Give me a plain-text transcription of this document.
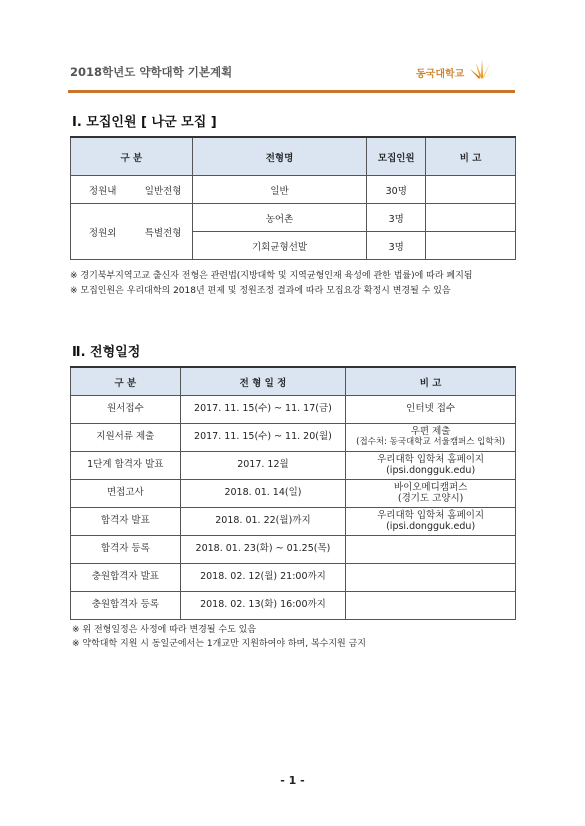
2018학년도 약학대학 기본계획	동국대학교
Ⅰ. 모집인원 [ 나군 모집 ]
구 분		전형명	모집인원	비 고
정원내	일반전형	일반	30명	
정원외	특별전형	농어촌	3명	
		기회균형선발	3명	
※ 경기북부지역고교 출신자 전형은 관련법(지방대학 및 지역균형인재 육성에 관한 법률)에 따라 폐지됨
※ 모집인원은 우리대학의 2018년 편제 및 정원조정 결과에 따라 모집요강 확정시 변경될 수 있음
Ⅱ. 전형일정
구 분	전 형 일 정	비 고
원서접수	2017. 11. 15(수) ~ 11. 17(금)	인터넷 접수

지원서류 제출	2017. 11. 15(수) ~ 11. 20(월)	우편 제출
(접수처: 동국대학교 서울캠퍼스 입학처)

1단계 합격자 발표	2017. 12월	우리대학 입학처 홈페이지
(ipsi.dongguk.edu)

면접고사	2018. 01. 14(일)	바이오메디캠퍼스
(경기도 고양시)

합격자 발표	2018. 01. 22(월)까지	우리대학 입학처 홈페이지
(ipsi.dongguk.edu)

합격자 등록	2018. 01. 23(화) ~ 01.25(목)	
충원합격자 발표	2018. 02. 12(월) 21:00까지	
충원합격자 등록	2018. 02. 13(화) 16:00까지	
※ 위 전형일정은 사정에 따라 변경될 수도 있음
※ 약학대학 지원 시 동일군에서는 1개교만 지원하여야 하며, 복수지원 금지
- 1 -
